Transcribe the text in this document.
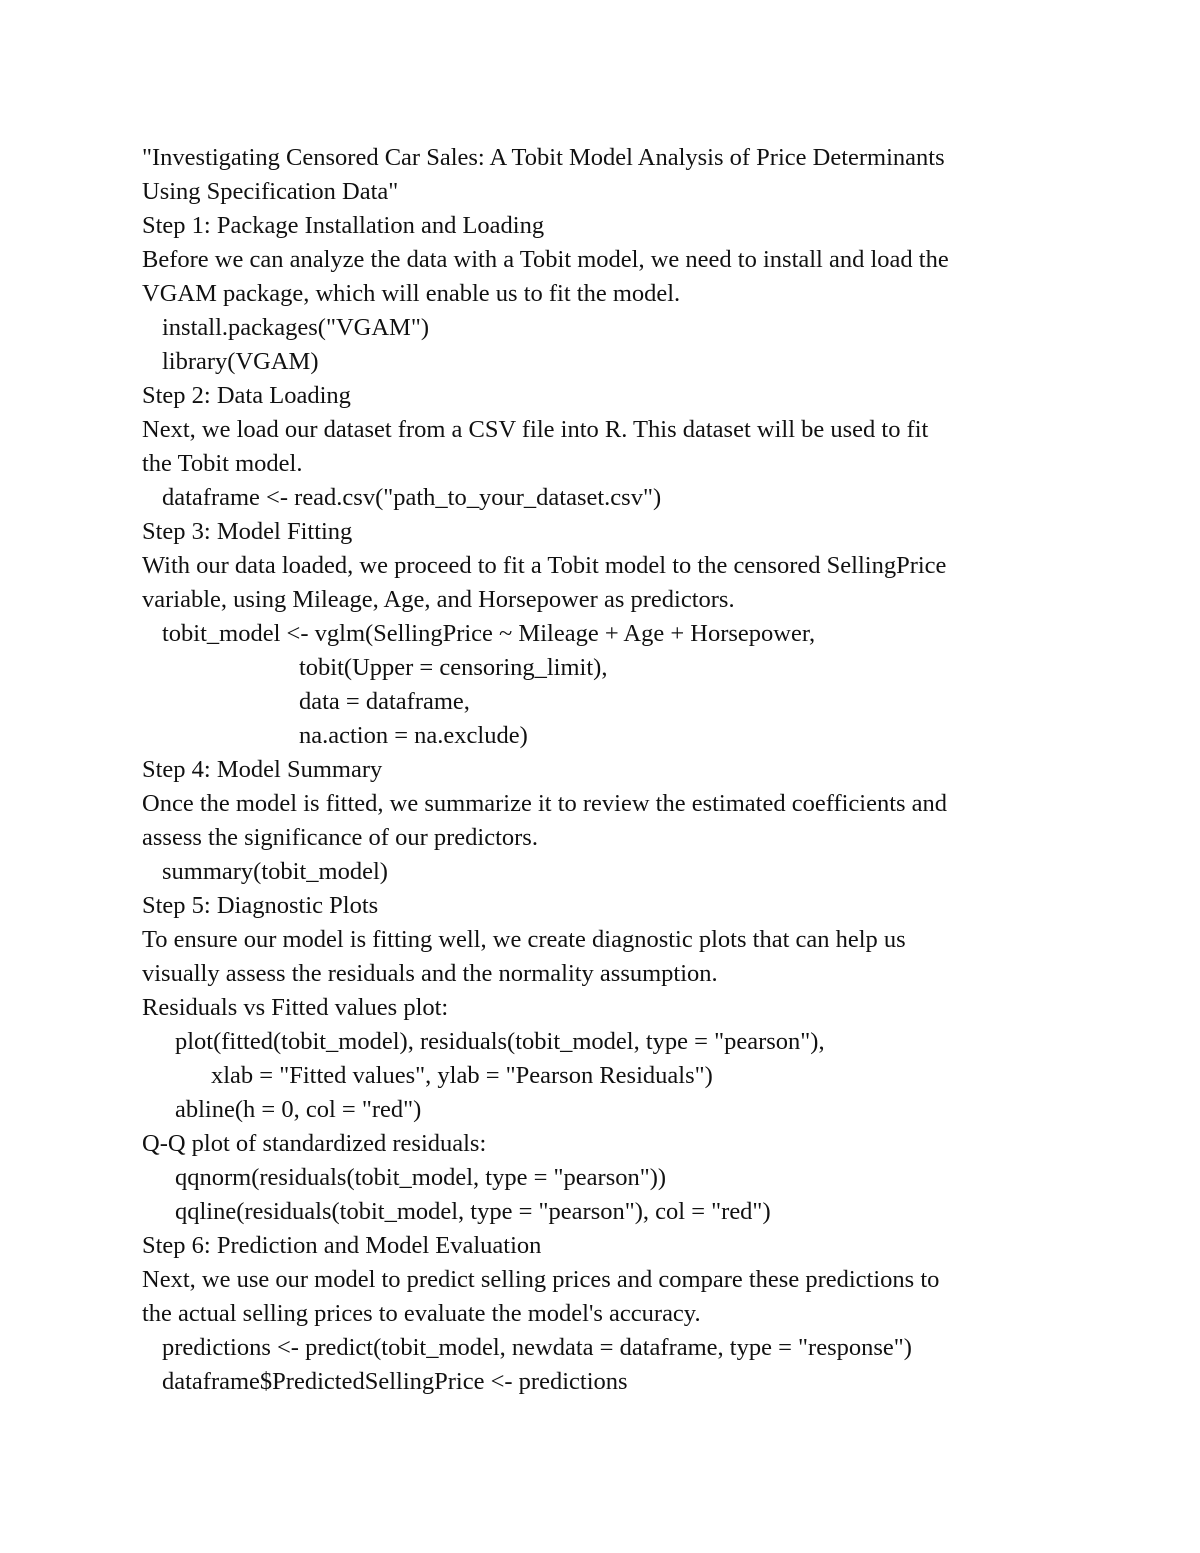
"Investigating Censored Car Sales: A Tobit Model Analysis of Price Determinants

Using Specification Data"

Step 1: Package Installation and Loading

Before we can analyze the data with a Tobit model, we need to install and load the

VGAM package, which will enable us to fit the model.

install.packages("VGAM")

library(VGAM)

Step 2: Data Loading

Next, we load our dataset from a CSV file into R. This dataset will be used to fit

the Tobit model.

dataframe <- read.csv("path_to_your_dataset.csv")

Step 3: Model Fitting

With our data loaded, we proceed to fit a Tobit model to the censored SellingPrice

variable, using Mileage, Age, and Horsepower as predictors.

tobit_model <- vglm(SellingPrice ~ Mileage + Age + Horsepower,

tobit(Upper = censoring_limit),

data = dataframe,

na.action = na.exclude)

Step 4: Model Summary

Once the model is fitted, we summarize it to review the estimated coefficients and

assess the significance of our predictors.

summary(tobit_model)

Step 5: Diagnostic Plots

To ensure our model is fitting well, we create diagnostic plots that can help us

visually assess the residuals and the normality assumption.

Residuals vs Fitted values plot:

plot(fitted(tobit_model), residuals(tobit_model, type = "pearson"),

xlab = "Fitted values", ylab = "Pearson Residuals")

abline(h = 0, col = "red")

Q-Q plot of standardized residuals:

qqnorm(residuals(tobit_model, type = "pearson"))

qqline(residuals(tobit_model, type = "pearson"), col = "red")

Step 6: Prediction and Model Evaluation

Next, we use our model to predict selling prices and compare these predictions to

the actual selling prices to evaluate the model's accuracy.

predictions <- predict(tobit_model, newdata = dataframe, type = "response")

dataframe$PredictedSellingPrice <- predictions
